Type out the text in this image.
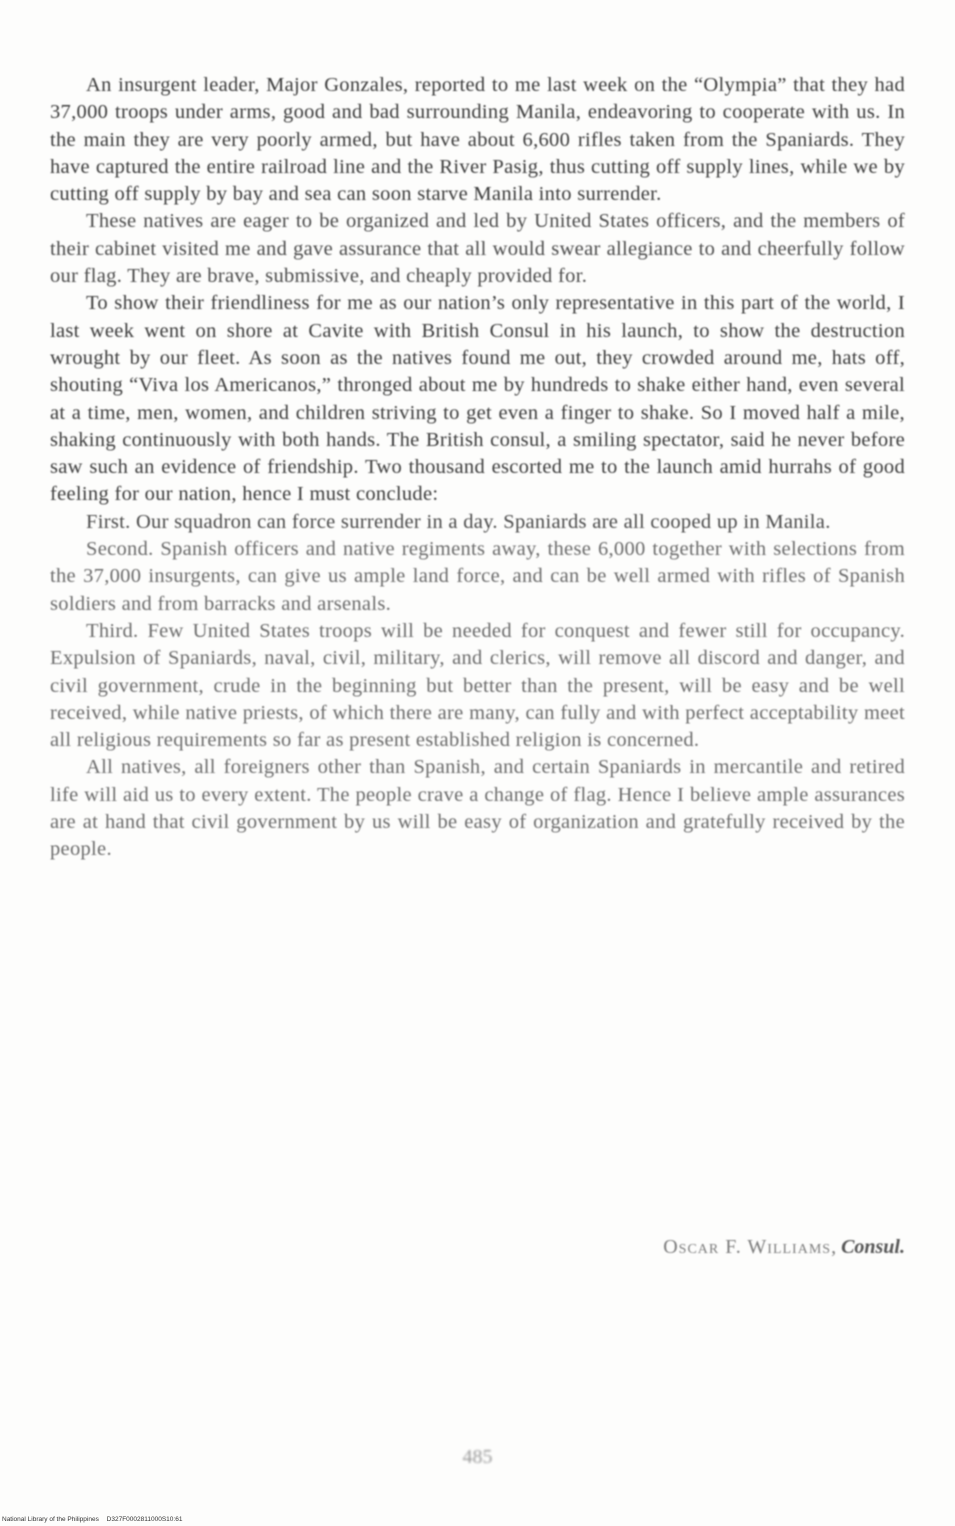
An insurgent leader, Major Gonzales, reported to me last week on the “Olympia” that they had 37,000 troops under arms, good and bad surrounding Manila, endeavoring to cooperate with us. In the main they are very poorly armed, but have about 6,600 rifles taken from the Spaniards. They have captured the entire railroad line and the River Pasig, thus cutting off supply lines, while we by cutting off supply by bay and sea can soon starve Manila into surrender.

These natives are eager to be organized and led by United States officers, and the members of their cabinet visited me and gave assurance that all would swear allegiance to and cheerfully follow our flag. They are brave, submissive, and cheaply provided for.

To show their friendliness for me as our nation’s only representative in this part of the world, I last week went on shore at Cavite with British Consul in his launch, to show the destruction wrought by our fleet. As soon as the natives found me out, they crowded around me, hats off, shouting “Viva los Americanos,” thronged about me by hundreds to shake either hand, even several at a time, men, women, and children striving to get even a finger to shake. So I moved half a mile, shaking continuously with both hands. The British consul, a smiling spectator, said he never before saw such an evidence of friendship. Two thousand escorted me to the launch amid hurrahs of good feeling for our nation, hence I must conclude:

First. Our squadron can force surrender in a day. Spaniards are all cooped up in Manila.

Second. Spanish officers and native regiments away, these 6,000 together with selections from the 37,000 insurgents, can give us ample land force, and can be well armed with rifles of Spanish soldiers and from barracks and arsenals.

Third. Few United States troops will be needed for conquest and fewer still for occupancy. Expulsion of Spaniards, naval, civil, military, and clerics, will remove all discord and danger, and civil government, crude in the beginning but better than the present, will be easy and be well received, while native priests, of which there are many, can fully and with perfect acceptability meet all religious requirements so far as present established religion is concerned.

All natives, all foreigners other than Spanish, and certain Spaniards in mercantile and retired life will aid us to every extent. The people crave a change of flag. Hence I believe ample assurances are at hand that civil government by us will be easy of organization and gratefully received by the people.

Oscar F. Williams, Consul.
485
National Library of the Philippines D327F0002811000S10:61
